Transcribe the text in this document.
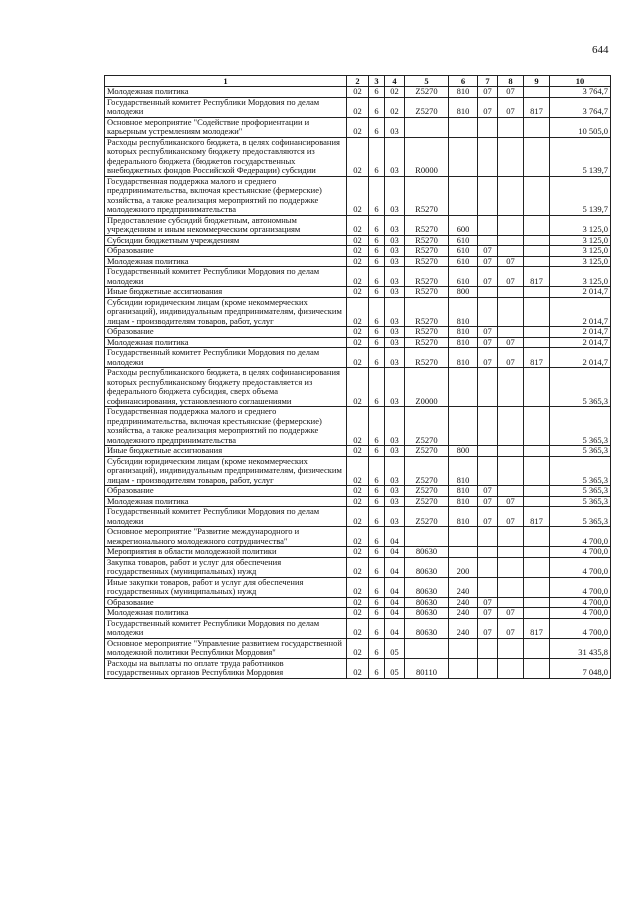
644
1	2	3	4	5	6	7	8	9	10
Молодежная политика	02	6	02	Z5270	810	07	07		3 764,7
Государственный комитет Республики Мордовия по делам молодежи	02	6	02	Z5270	810	07	07	817	3 764,7
Основное мероприятие "Содействие профориентации и карьерным устремлениям молодежи"	02	6	03						10 505,0
Расходы республиканского бюджета, в целях софинансирования которых республиканскому бюджету предоставляются из федерального бюджета (бюджетов государственных внебюджетных фондов Российской Федерации) субсидии	02	6	03	R0000					5 139,7
Государственная поддержка малого и среднего предпринимательства, включая крестьянские (фермерские) хозяйства, а также реализация мероприятий по поддержке молодежного предпринимательства	02	6	03	R5270					5 139,7
Предоставление субсидий бюджетным, автономным учреждениям и иным некоммерческим организациям	02	6	03	R5270	600				3 125,0
Субсидии бюджетным учреждениям	02	6	03	R5270	610				3 125,0
Образование	02	6	03	R5270	610	07			3 125,0
Молодежная политика	02	6	03	R5270	610	07	07		3 125,0
Государственный комитет Республики Мордовия по делам молодежи	02	6	03	R5270	610	07	07	817	3 125,0
Иные бюджетные ассигнования	02	6	03	R5270	800				2 014,7
Субсидии юридическим лицам (кроме некоммерческих организаций), индивидуальным предпринимателям, физическим лицам - производителям товаров, работ, услуг	02	6	03	R5270	810				2 014,7
Образование	02	6	03	R5270	810	07			2 014,7
Молодежная политика	02	6	03	R5270	810	07	07		2 014,7
Государственный комитет Республики Мордовия по делам молодежи	02	6	03	R5270	810	07	07	817	2 014,7
Расходы республиканского бюджета, в целях софинансирования которых республиканскому бюджету предоставляется из федерального бюджета субсидия, сверх объема софинансирования, установленного соглашениями	02	6	03	Z0000					5 365,3
Государственная поддержка малого и среднего предпринимательства, включая крестьянские (фермерские) хозяйства, а также реализация мероприятий по поддержке молодежного предпринимательства	02	6	03	Z5270					5 365,3
Иные бюджетные ассигнования	02	6	03	Z5270	800				5 365,3
Субсидии юридическим лицам (кроме некоммерческих организаций), индивидуальным предпринимателям, физическим лицам - производителям товаров, работ, услуг	02	6	03	Z5270	810				5 365,3
Образование	02	6	03	Z5270	810	07			5 365,3
Молодежная политика	02	6	03	Z5270	810	07	07		5 365,3
Государственный комитет Республики Мордовия по делам молодежи	02	6	03	Z5270	810	07	07	817	5 365,3
Основное мероприятие "Развитие международного и межрегионального молодежного сотрудничества"	02	6	04						4 700,0
Мероприятия в области молодежной политики	02	6	04	80630					4 700,0
Закупка товаров, работ и услуг для обеспечения государственных (муниципальных) нужд	02	6	04	80630	200				4 700,0
Иные закупки товаров, работ и услуг для обеспечения государственных (муниципальных) нужд	02	6	04	80630	240				4 700,0
Образование	02	6	04	80630	240	07			4 700,0
Молодежная политика	02	6	04	80630	240	07	07		4 700,0
Государственный комитет Республики Мордовия по делам молодежи	02	6	04	80630	240	07	07	817	4 700,0
Основное мероприятие "Управление развитием государственной молодежной политики Республики Мордовия"	02	6	05						31 435,8
Расходы на выплаты по оплате труда работников государственных органов Республики Мордовия	02	6	05	80110					7 048,0
